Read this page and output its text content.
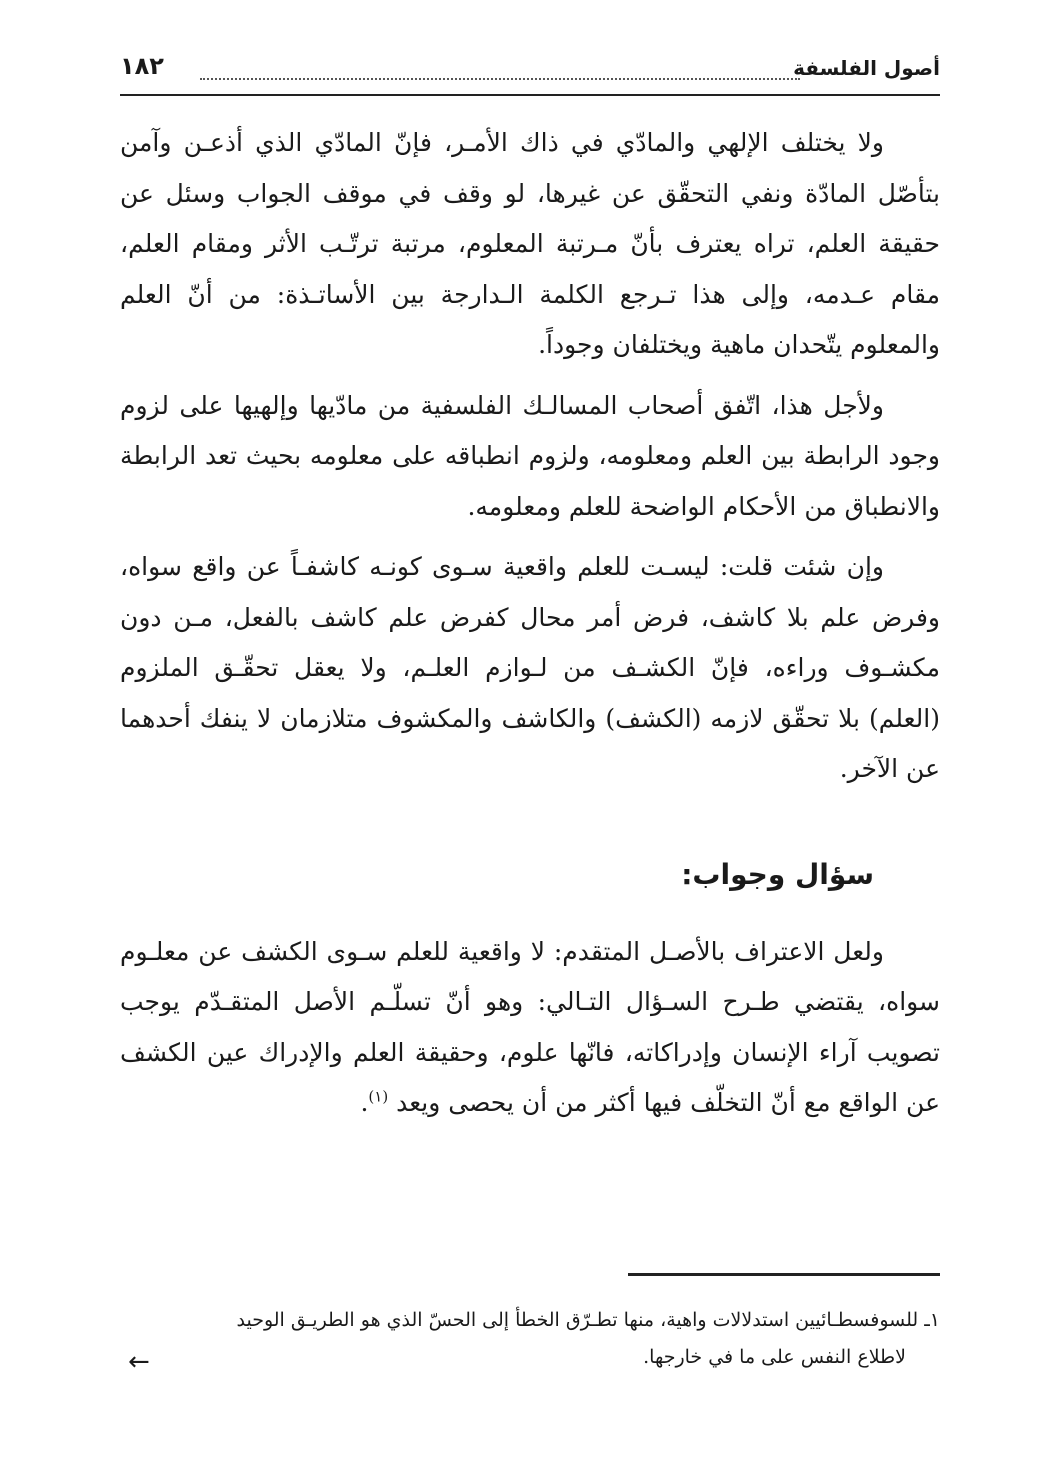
أصول الفلسفة
١٨٢

ولا يختلف الإلهي والمادّي في ذاك الأمـر، فإنّ المادّي الذي أذعـن وآمن بتأصّل المادّة ونفي التحقّق عن غيرها، لو وقف في موقف الجواب وسئل عن حقيقة العلم، تراه يعترف بأنّ مـرتبة المعلوم، مرتبة ترتّـب الأثر ومقام العلم، مقام عـدمه، وإلى هذا تـرجع الكلمة الـدارجة بين الأساتـذة: من أنّ العلم والمعلوم يتّحدان ماهية ويختلفان وجوداً.

ولأجل هذا، اتّفق أصحاب المسالـك الفلسفية من مادّيها وإلهيها على لزوم وجود الرابطة بين العلم ومعلومه، ولزوم انطباقه على معلومه بحيث تعد الرابطة والانطباق من الأحكام الواضحة للعلم ومعلومه.

وإن شئت قلت: ليسـت للعلم واقعية سـوى كونـه كاشفـاً عن واقع سواه، وفرض علم بلا كاشف، فرض أمر محال كفرض علم كاشف بالفعل، مـن دون مكشـوف وراءه، فإنّ الكشـف من لـوازم العلـم، ولا يعقل تحقّـق الملزوم (العلم) بلا تحقّق لازمه (الكشف) والكاشف والمكشوف متلازمان لا ينفك أحدهما عن الآخر.

سؤال وجواب:

ولعل الاعتراف بالأصـل المتقدم: لا واقعية للعلم سـوى الكشف عن معلـوم سواه، يقتضي طـرح السـؤال التـالي: وهو أنّ تسلّـم الأصل المتقـدّم يوجب تصويب آراء الإنسان وإدراكاته، فانّها علوم، وحقيقة العلم والإدراك عين الكشف عن الواقع مع أنّ التخلّف فيها أكثر من أن يحصى ويعد $^{(١)}$.

١ـ للسوفسطـائيين استدلالات واهية، منها تطـرّق الخطأ إلى الحسّ الذي هو الطريـق الوحيد
لاطلاع النفس على ما في خارجها.
←
